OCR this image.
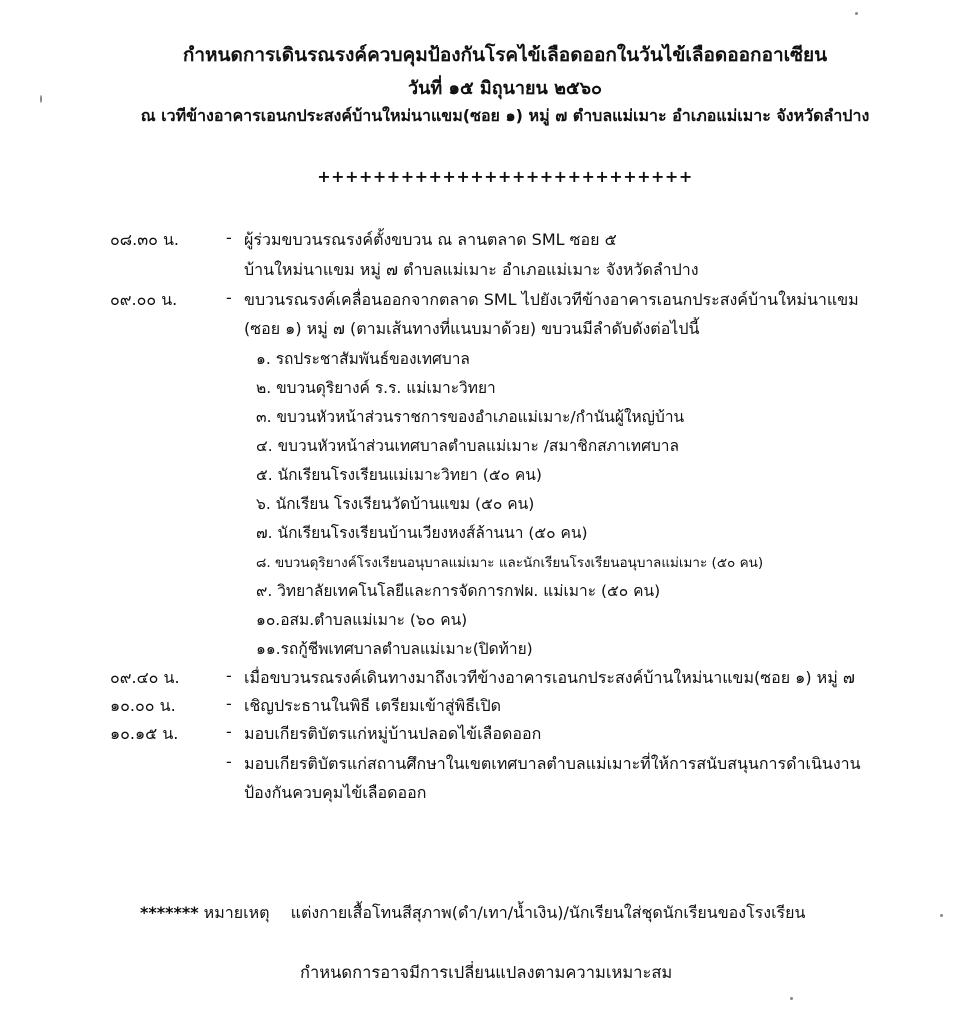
กำหนดการเดินรณรงค์ควบคุมป้องกันโรคไข้เลือดออกในวันไข้เลือดออกอาเซียน
วันที่ ๑๕ มิถุนายน ๒๕๖๐
ณ เวทีข้างอาคารเอนกประสงค์บ้านใหม่นาแขม(ซอย ๑) หมู่ ๗ ตำบลแม่เมาะ อำเภอแม่เมาะ จังหวัดลำปาง
+++++++++++++++++++++++++++
๐๘.๓๐ น.	- ผู้ร่วมขบวนรณรงค์ตั้งขบวน ณ ลานตลาด SML ซอย ๕
บ้านใหม่นาแขม หมู่ ๗ ตำบลแม่เมาะ อำเภอแม่เมาะ จังหวัดลำปาง
๐๙.๐๐ น.	- ขบวนรณรงค์เคลื่อนออกจากตลาด SML ไปยังเวทีข้างอาคารเอนกประสงค์บ้านใหม่นาแขม
(ซอย ๑) หมู่ ๗ (ตามเส้นทางที่แนบมาด้วย) ขบวนมีลำดับดังต่อไปนี้
๑. รถประชาสัมพันธ์ของเทศบาล
๒. ขบวนดุริยางค์ ร.ร. แม่เมาะวิทยา
๓. ขบวนหัวหน้าส่วนราชการของอำเภอแม่เมาะ/กำนันผู้ใหญ่บ้าน
๔. ขบวนหัวหน้าส่วนเทศบาลตำบลแม่เมาะ /สมาชิกสภาเทศบาล
๕. นักเรียนโรงเรียนแม่เมาะวิทยา (๕๐ คน)
๖. นักเรียน โรงเรียนวัดบ้านแขม (๕๐ คน)
๗. นักเรียนโรงเรียนบ้านเวียงหงส์ล้านนา (๕๐ คน)
๘. ขบวนดุริยางค์โรงเรียนอนุบาลแม่เมาะ และนักเรียนโรงเรียนอนุบาลแม่เมาะ (๕๐ คน)
๙. วิทยาลัยเทคโนโลยีและการจัดการกฟผ. แม่เมาะ (๕๐ คน)
๑๐.อสม.ตำบลแม่เมาะ (๖๐ คน)
๑๑.รถกู้ชีพเทศบาลตำบลแม่เมาะ(ปิดท้าย)
๐๙.๔๐ น.	- เมื่อขบวนรณรงค์เดินทางมาถึงเวทีข้างอาคารเอนกประสงค์บ้านใหม่นาแขม(ซอย ๑) หมู่ ๗
๑๐.๐๐ น.	- เชิญประธานในพิธี เตรียมเข้าสู่พิธีเปิด
๑๐.๑๕ น.	- มอบเกียรติบัตรแก่หมู่บ้านปลอดไข้เลือดออก
- มอบเกียรติบัตรแก่สถานศึกษาในเขตเทศบาลตำบลแม่เมาะที่ให้การสนับสนุนการดำเนินงาน
ป้องกันควบคุมไข้เลือดออก
******* หมายเหตุ แต่งกายเสื้อโทนสีสุภาพ(ดำ/เทา/น้ำเงิน)/นักเรียนใส่ชุดนักเรียนของโรงเรียน
กำหนดการอาจมีการเปลี่ยนแปลงตามความเหมาะสม
